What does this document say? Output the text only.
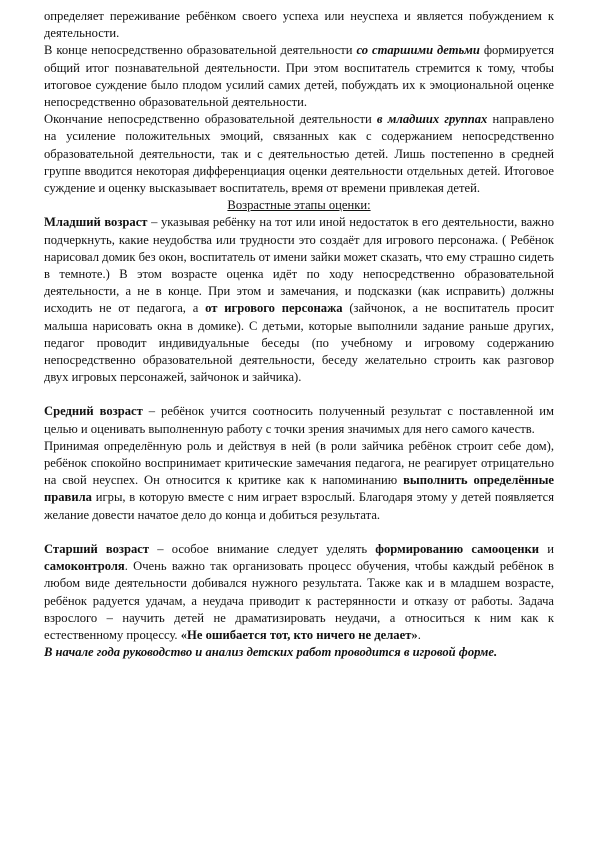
определяет переживание ребёнком своего успеха или неуспеха и является побуждением к деятельности.

В конце непосредственно образовательной деятельности со старшими детьми формируется общий итог познавательной деятельности. При этом воспитатель стремится к тому, чтобы итоговое суждение было плодом усилий самих детей, побуждать их к эмоциональной оценке непосредственно образовательной деятельности.

Окончание непосредственно образовательной деятельности в младших группах направлено на усиление положительных эмоций, связанных как с содержанием непосредственно образовательной деятельности, так и с деятельностью детей. Лишь постепенно в средней группе вводится некоторая дифференциация оценки деятельности отдельных детей. Итоговое суждение и оценку высказывает воспитатель, время от времени привлекая детей.

Возрастные этапы оценки:

Младший возраст – указывая ребёнку на тот или иной недостаток в его деятельности, важно подчеркнуть, какие неудобства или трудности это создаёт для игрового персонажа. ( Ребёнок нарисовал домик без окон, воспитатель от имени зайки может сказать, что ему страшно сидеть в темноте.) В этом возрасте оценка идёт по ходу непосредственно образовательной деятельности, а не в конце. При этом и замечания, и подсказки (как исправить) должны исходить не от педагога, а от игрового персонажа (зайчонок, а не воспитатель просит малыша нарисовать окна в домике). С детьми, которые выполнили задание раньше других, педагог проводит индивидуальные беседы (по учебному и игровому содержанию непосредственно образовательной деятельности, беседу желательно строить как разговор двух игровых персонажей, зайчонок и зайчика).

Средний возраст – ребёнок учится соотносить полученный результат с поставленной им целью и оценивать выполненную работу с точки зрения значимых для него самого качеств.

Принимая определённую роль и действуя в ней (в роли зайчика ребёнок строит себе дом), ребёнок спокойно воспринимает критические замечания педагога, не реагирует отрицательно на свой неуспех. Он относится к критике как к напоминанию выполнить определённые правила игры, в которую вместе с ним играет взрослый. Благодаря этому у детей появляется желание довести начатое дело до конца и добиться результата.

Старший возраст – особое внимание следует уделять формированию самооценки и самоконтроля. Очень важно так организовать процесс обучения, чтобы каждый ребёнок в любом виде деятельности добивался нужного результата. Также как и в младшем возрасте, ребёнок радуется удачам, а неудача приводит к растерянности и отказу от работы. Задача взрослого – научить детей не драматизировать неудачи, а относиться к ним как к естественному процессу. «Не ошибается тот, кто ничего не делает».

В начале года руководство и анализ детских работ проводится в игровой форме.
